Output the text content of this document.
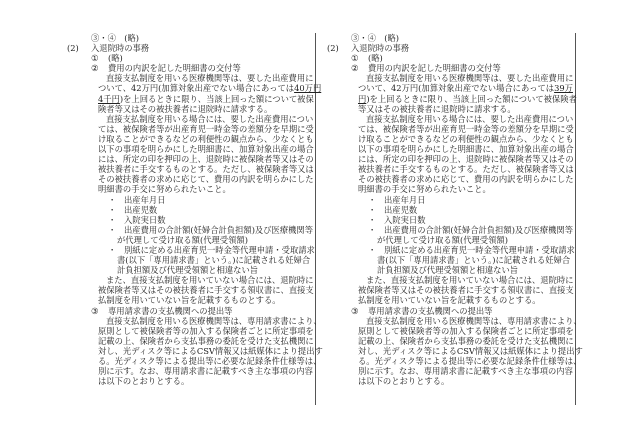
③・④　(略)

(2)

入退院時の事務

①

(略)

②

費用の内訳を記した明細書の交付等

直接支払制度を用いる医療機関等は、要した出産費用に
ついて、42万円(加算対象出産でない場合にあっては40万円
4千円)を上回るときに限り、当該上回った額について被保
険者等又はその被扶養者に退院時に請求する。
直接支払制度を用いる場合には、要した出産費用につい
ては、被保険者等が出産育児一時金等の差額分を早期に受
け取ることができるなどの利便性の観点から、少なくとも
以下の事項を明らかにした明細書に、加算対象出産の場合
には、所定の印を押印の上、退院時に被保険者等又はその
被扶養者に手交するものとする。ただし、被保険者等又は
その被扶養者の求めに応じて、費用の内訳を明らかにした
明細書の手交に努められたいこと。
・ 出産年月日
・ 出産児数
・ 入院実日数
・ 出産費用の合計額(妊婦合計負担額)及び医療機関等
が代理して受け取る額(代理受領額)
・ 別紙に定める出産育児一時金等代理申請・受取請求
書(以下「専用請求書」という。)に記載される妊婦合
計負担額及び代理受領額と相違ない旨
また、直接支払制度を用いていない場合には、退院時に
被保険者等又はその被扶養者に手交する領収書に、直接支
払制度を用いていない旨を記載するものとする。

③

専用請求書の支払機関への提出等

直接支払制度を用いる医療機関等は、専用請求書により、
原則として被保険者等の加入する保険者ごとに所定事項を
記載の上、保険者から支払事務の委託を受けた支払機関に
対し、光ディスク等によるCSV情報又は紙媒体により提出す
る。光ディスク等による提出等に必要な記録条件仕様等は、
別に示す。なお、専用請求書に記載すべき主な事項の内容
は以下のとおりとする。
③・④　(略)

(2)

入退院時の事務

①

(略)

②

費用の内訳を記した明細書の交付等

直接支払制度を用いる医療機関等は、要した出産費用に
ついて、42万円(加算対象出産でない場合にあっては39万
円)を上回るときに限り、当該上回った額について被保険者
等又はその被扶養者に退院時に請求する。
直接支払制度を用いる場合には、要した出産費用につい
ては、被保険者等が出産育児一時金等の差額分を早期に受
け取ることができるなどの利便性の観点から、少なくとも
以下の事項を明らかにした明細書に、加算対象出産の場合
には、所定の印を押印の上、退院時に被保険者等又はその
被扶養者に手交するものとする。ただし、被保険者等又は
その被扶養者の求めに応じて、費用の内訳を明らかにした
明細書の手交に努められたいこと。
・ 出産年月日
・ 出産児数
・ 入院実日数
・ 出産費用の合計額(妊婦合計負担額)及び医療機関等
が代理して受け取る額(代理受領額)
・ 別紙に定める出産育児一時金等代理申請・受取請求
書(以下「専用請求書」という。)に記載される妊婦合
計負担額及び代理受領額と相違ない旨
また、直接支払制度を用いていない場合には、退院時に
被保険者等又はその被扶養者に手交する領収書に、直接支
払制度を用いていない旨を記載するものとする。

③

専用請求書の支払機関への提出等

直接支払制度を用いる医療機関等は、専用請求書により、
原則として被保険者等の加入する保険者ごとに所定事項を
記載の上、保険者から支払事務の委託を受けた支払機関に
対し、光ディスク等によるCSV情報又は紙媒体により提出す
る。光ディスク等による提出等に必要な記録条件仕様等は、
別に示す。なお、専用請求書に記載すべき主な事項の内容
は以下のとおりとする。
